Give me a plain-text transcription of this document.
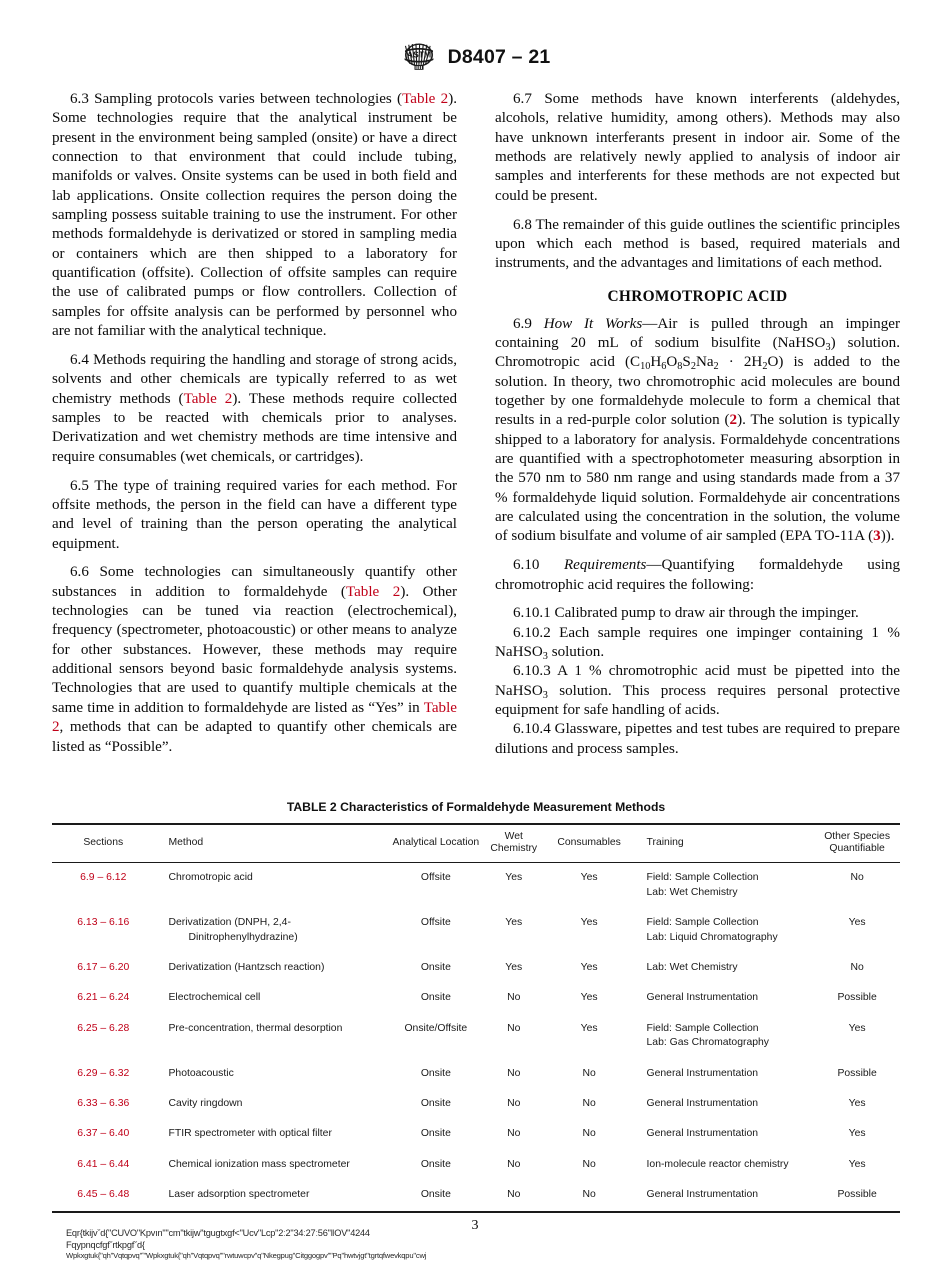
ASTM D8407 – 21

6.3 Sampling protocols varies between technologies (Table 2). Some technologies require that the analytical instrument be present in the environment being sampled (onsite) or have a direct connection to that environment that could include tubing, manifolds or valves. Onsite systems can be used in both field and lab applications. Onsite collection requires the person doing the sampling possess suitable training to use the instrument. For other methods formaldehyde is derivatized or stored in sampling media or containers which are then shipped to a laboratory for quantification (offsite). Collection of offsite samples can require the use of calibrated pumps or flow controllers. Collection of samples for offsite analysis can be performed by personnel who are not familiar with the analytical technique.

6.4 Methods requiring the handling and storage of strong acids, solvents and other chemicals are typically referred to as wet chemistry methods (Table 2). These methods require collected samples to be reacted with chemicals prior to analyses. Derivatization and wet chemistry methods are time intensive and require consumables (wet chemicals, or cartridges).

6.5 The type of training required varies for each method. For offsite methods, the person in the field can have a different type and level of training than the person operating the analytical equipment.

6.6 Some technologies can simultaneously quantify other substances in addition to formaldehyde (Table 2). Other technologies can be tuned via reaction (electrochemical), frequency (spectrometer, photoacoustic) or other means to analyze for other substances. However, these methods may require additional sensors beyond basic formaldehyde analysis systems. Technologies that are used to quantify multiple chemicals at the same time in addition to formaldehyde are listed as “Yes” in Table 2, methods that can be adapted to quantify other chemicals are listed as “Possible”.

6.7 Some methods have known interferents (aldehydes, alcohols, relative humidity, among others). Methods may also have unknown interferants present in indoor air. Some of the methods are relatively newly applied to analysis of indoor air samples and interferents for these methods are not expected but could be present.

6.8 The remainder of this guide outlines the scientific principles upon which each method is based, required materials and instruments, and the advantages and limitations of each method.

CHROMOTROPIC ACID

6.9 How It Works—Air is pulled through an impinger containing 20 mL of sodium bisulfite (NaHSO$_3$) solution. Chromotropic acid $(C_{10}H_6O_8S_2Na_2 \cdot 2H_2O)$ is added to the solution. In theory, two chromotrophic acid molecules are bound together by one formaldehyde molecule to form a chemical that results in a red-purple color solution (2). The solution is typically shipped to a laboratory for analysis. Formaldehyde concentrations are quantified with a spectrophotometer measuring absorption in the 570 nm to 580 nm range and using standards made from a 37 % formaldehyde liquid solution. Formaldehyde air concentrations are calculated using the concentration in the solution, the volume of sodium bisulfate and volume of air sampled (EPA TO-11A (3)).

6.10 Requirements—Quantifying formaldehyde using chromotrophic acid requires the following:

6.10.1 Calibrated pump to draw air through the impinger.

6.10.2 Each sample requires one impinger containing 1 % NaHSO$_3$ solution.

6.10.3 A 1 % chromotrophic acid must be pipetted into the NaHSO$_3$ solution. This process requires personal protective equipment for safe handling of acids.

6.10.4 Glassware, pipettes and test tubes are required to prepare dilutions and process samples.

TABLE 2 Characteristics of Formaldehyde Measurement Methods
Sections	Method	Analytical Location	Wet Chemistry	Consumables	Training	Other Species Quantifiable
6.9 – 6.12	Chromotropic acid	Offsite	Yes	Yes	Field: Sample Collection
Lab: Wet Chemistry	No
6.13 – 6.16	Derivatization (DNPH, 2,4-
Dinitrophenylhydrazine)	Offsite	Yes	Yes	Field: Sample Collection
Lab: Liquid Chromatography	Yes
6.17 – 6.20	Derivatization (Hantzsch reaction)	Onsite	Yes	Yes	Lab: Wet Chemistry	No
6.21 – 6.24	Electrochemical cell	Onsite	No	Yes	General Instrumentation	Possible
6.25 – 6.28	Pre-concentration, thermal desorption	Onsite/Offsite	No	Yes	Field: Sample Collection
Lab: Gas Chromatography	Yes
6.29 – 6.32	Photoacoustic	Onsite	No	No	General Instrumentation	Possible
6.33 – 6.36	Cavity ringdown	Onsite	No	No	General Instrumentation	Yes
6.37 – 6.40	FTIR spectrometer with optical filter	Onsite	No	No	General Instrumentation	Yes
6.41 – 6.44	Chemical ionization mass spectrometer	Onsite	No	No	Ion-molecule reactor chemistry	Yes
6.45 – 6.48	Laser adsorption spectrometer	Onsite	No	No	General Instrumentation	Possible
3
Eqr{tkijvˇd{ʺCUVOʺKpvınʺʺcmʺtkijwʺtgugtxgf˂ʺUcvʺLcpʺ2ː2ʺ34ː27ː56ʺ‖OVʺ4244
Fqypnqcfgfˇrtkpgfˇd{
Wpkxgtuk{ʺqhʺVqtqpvqʺʻʺWpkxgtuk{ʺqhʺVqtqpvqʺʺrwtuwcpvʺqʺNkegpugʺCitggogpvʺʺPqʺhwtvjgtʺtgrtqfwevkqpuʺcwj
